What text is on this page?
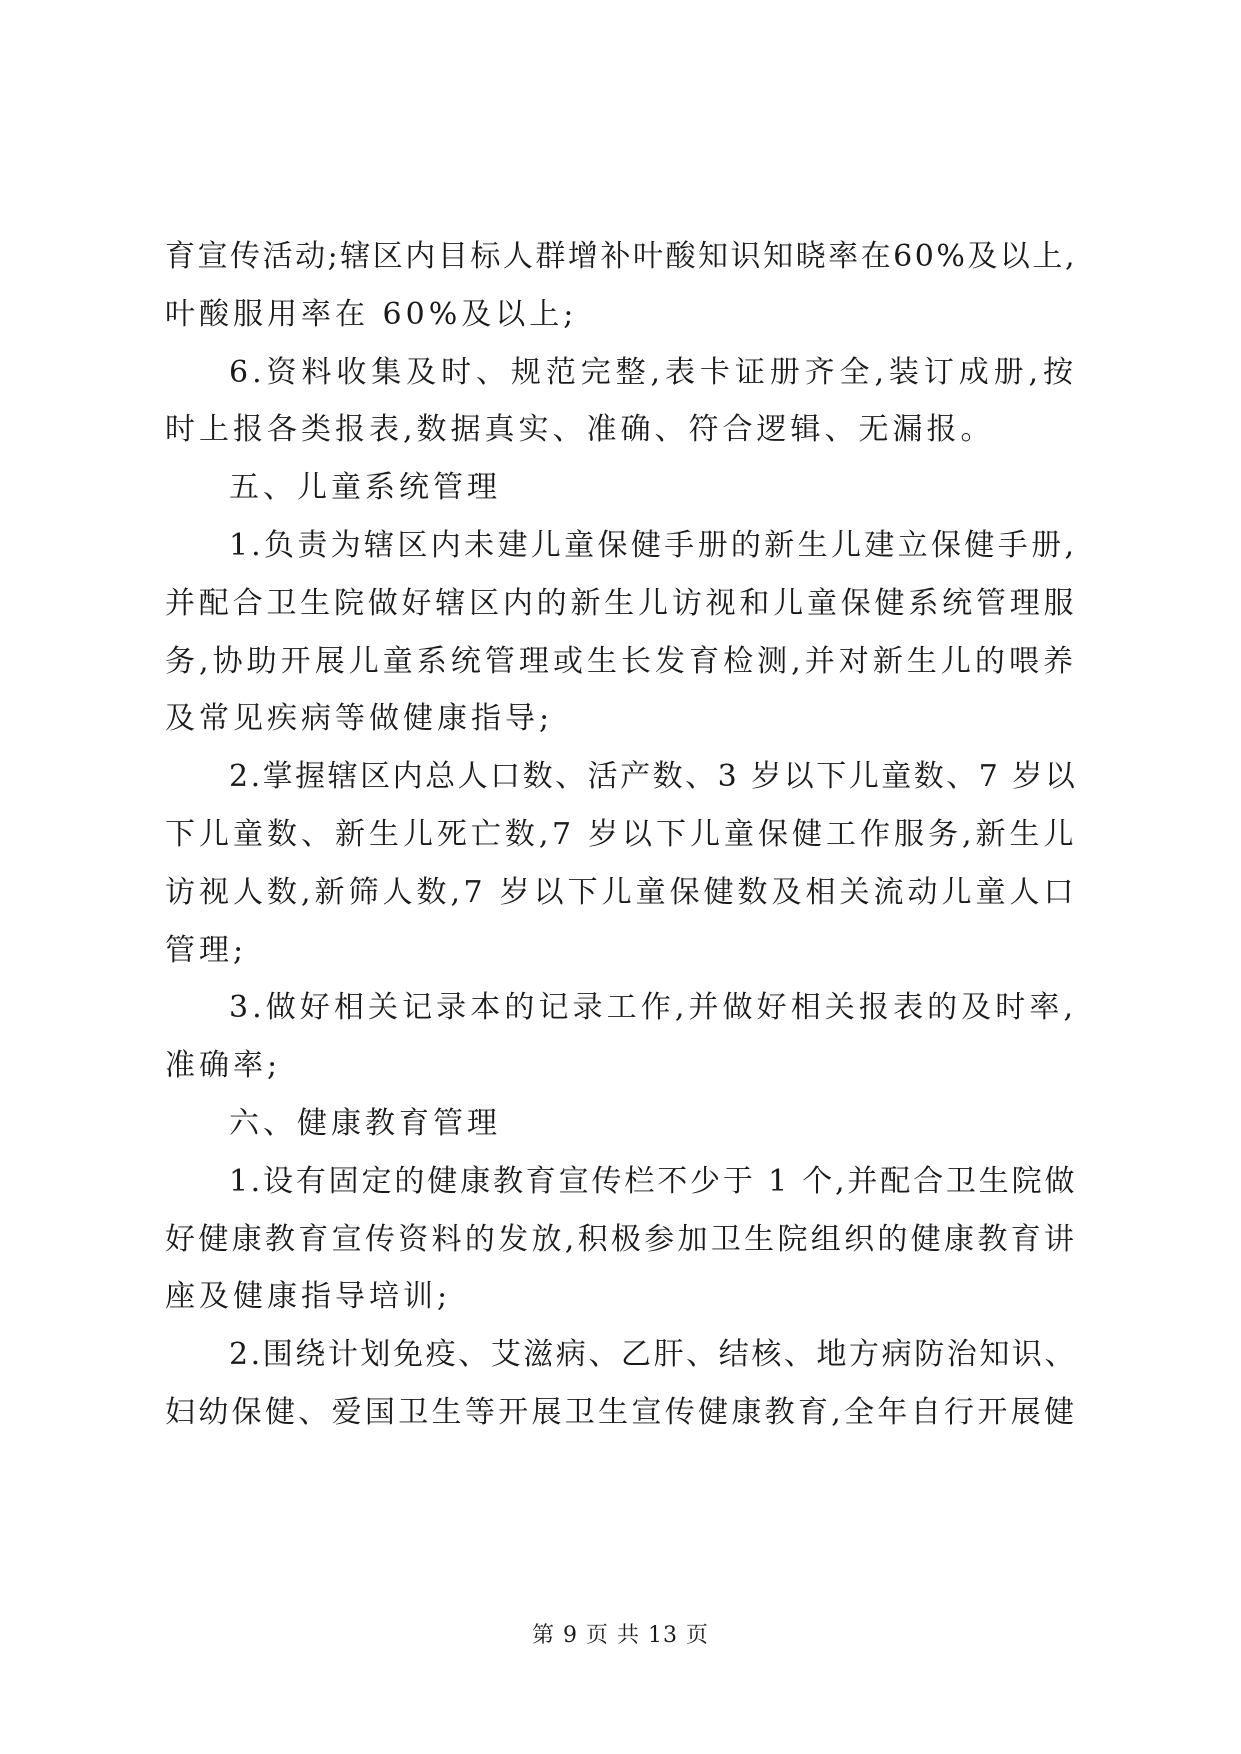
育宣传活动;辖区内目标人群增补叶酸知识知晓率在60%及以上,
叶酸服用率在 60%及以上;
6.资料收集及时、规范完整,表卡证册齐全,装订成册,按
时上报各类报表,数据真实、准确、符合逻辑、无漏报。
五、儿童系统管理
1.负责为辖区内未建儿童保健手册的新生儿建立保健手册,
并配合卫生院做好辖区内的新生儿访视和儿童保健系统管理服
务,协助开展儿童系统管理或生长发育检测,并对新生儿的喂养
及常见疾病等做健康指导;
2.掌握辖区内总人口数、活产数、3 岁以下儿童数、7 岁以
下儿童数、新生儿死亡数,7 岁以下儿童保健工作服务,新生儿
访视人数,新筛人数,7 岁以下儿童保健数及相关流动儿童人口
管理;
3.做好相关记录本的记录工作,并做好相关报表的及时率,
准确率;
六、健康教育管理
1.设有固定的健康教育宣传栏不少于 1 个,并配合卫生院做
好健康教育宣传资料的发放,积极参加卫生院组织的健康教育讲
座及健康指导培训;
2.围绕计划免疫、艾滋病、乙肝、结核、地方病防治知识、
妇幼保健、爱国卫生等开展卫生宣传健康教育,全年自行开展健
第 9 页 共 13 页
